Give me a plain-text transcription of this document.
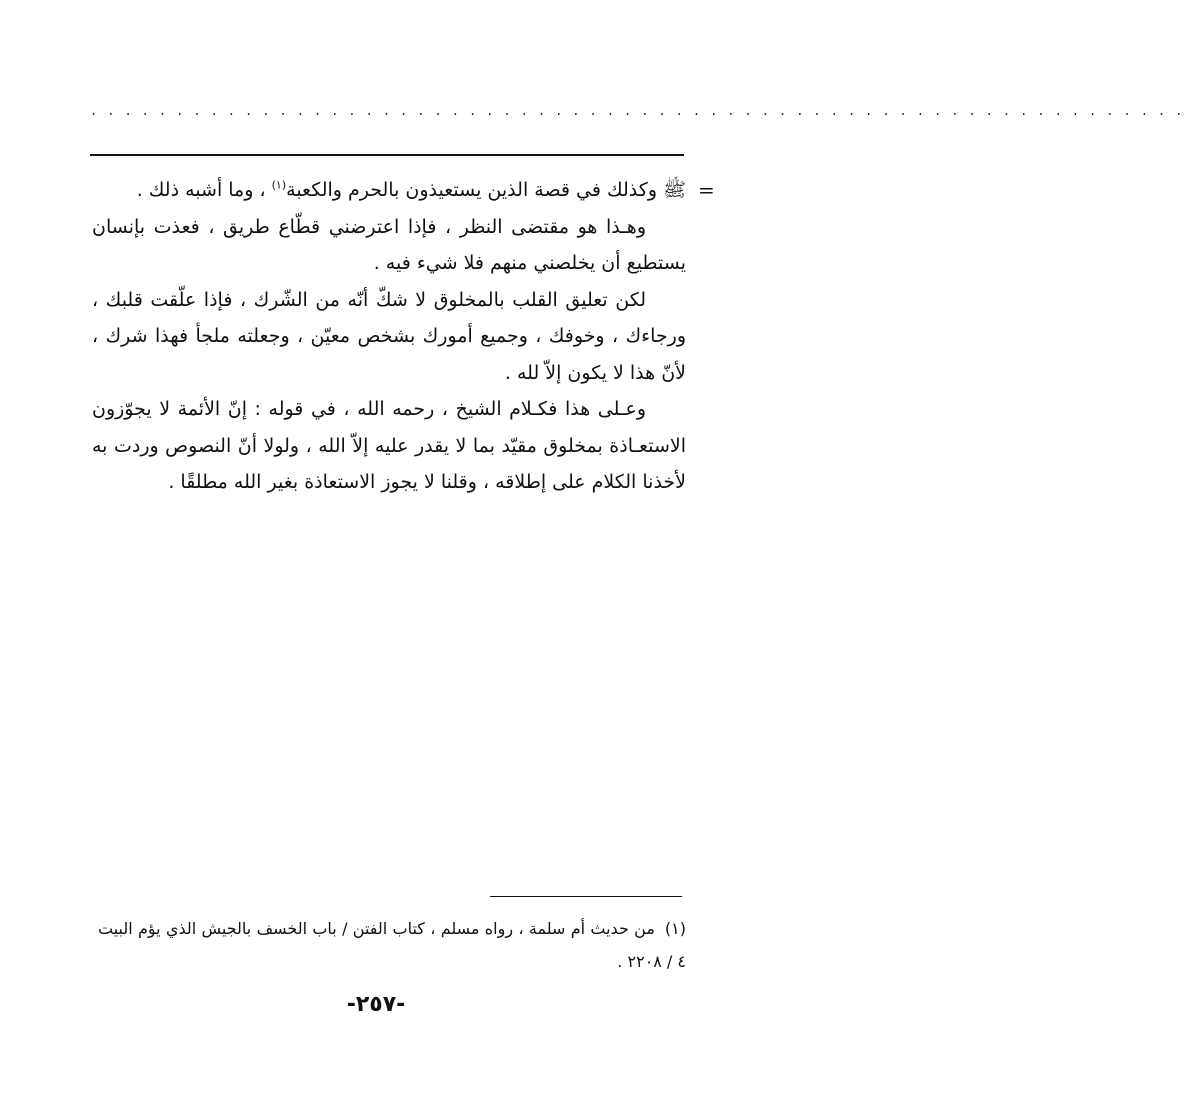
................................................................
=

ﷺ وكذلك في قصة الذين يستعيذون بالحرم والكعبة$^{(١)}$ ، وما أشبه ذلك .

وهـذا هو مقتضى النظر ، فإذا اعترضني قطّاع طريق ، فعذت بإنسان يستطيع أن يخلصني منهم فلا شيء فيه .

لكن تعليق القلب بالمخلوق لا شكّ أنّه من الشّرك ، فإذا علّقت قلبك ، ورجاءك ، وخوفك ، وجميع أمورك بشخص معيّن ، وجعلته ملجأ فهذا شرك ، لأنّ هذا لا يكون إلاّ لله .

وعـلى هذا فكـلام الشيخ ، رحمه الله ، في قوله : إنّ الأئمة لا يجوّزون الاستعـاذة بمخلوق مقيّد بما لا يقدر عليه إلاّ الله ، ولولا أنّ النصوص وردت به لأخذنا الكلام على إطلاقه ، وقلنا لا يجوز الاستعاذة بغير الله مطلقًا .

(١)من حديث أم سلمة ، رواه مسلم ، كتاب الفتن / باب الخسف بالجيش الذي يؤم البيت ٤ / ٢٢٠٨ .

-٢٥٧-
